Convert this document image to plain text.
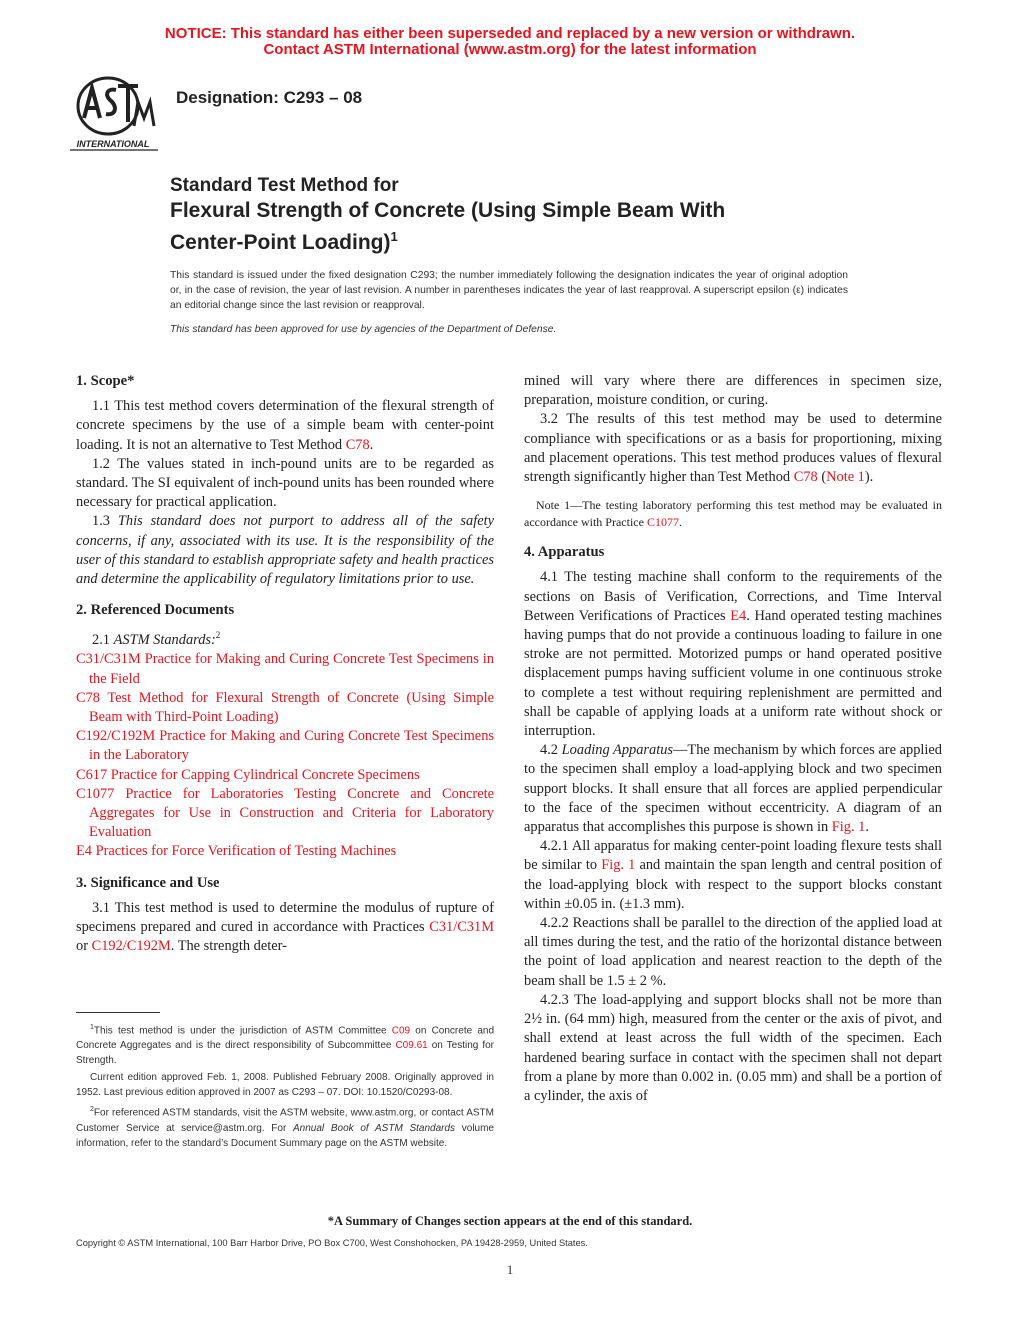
NOTICE: This standard has either been superseded and replaced by a new version or withdrawn.
Contact ASTM International (www.astm.org) for the latest information
INTERNATIONAL
Designation: C293 – 08
Standard Test Method for
Flexural Strength of Concrete (Using Simple Beam With
Center-Point Loading)$^1$
This standard is issued under the fixed designation C293; the number immediately following the designation indicates the year of original adoption or, in the case of revision, the year of last revision. A number in parentheses indicates the year of last reapproval. A superscript epsilon (ε) indicates an editorial change since the last revision or reapproval.
This standard has been approved for use by agencies of the Department of Defense.

1. Scope*

1.1 This test method covers determination of the flexural strength of concrete specimens by the use of a simple beam with center-point loading. It is not an alternative to Test Method C78.

1.2 The values stated in inch-pound units are to be regarded as standard. The SI equivalent of inch-pound units has been rounded where necessary for practical application.

1.3 This standard does not purport to address all of the safety concerns, if any, associated with its use. It is the responsibility of the user of this standard to establish appropriate safety and health practices and determine the applicability of regulatory limitations prior to use.

2. Referenced Documents

2.1 ASTM Standards:$^2$

C31/C31M Practice for Making and Curing Concrete Test Specimens in the Field

C78 Test Method for Flexural Strength of Concrete (Using Simple Beam with Third-Point Loading)

C192/C192M Practice for Making and Curing Concrete Test Specimens in the Laboratory

C617 Practice for Capping Cylindrical Concrete Specimens

C1077 Practice for Laboratories Testing Concrete and Concrete Aggregates for Use in Construction and Criteria for Laboratory Evaluation

E4 Practices for Force Verification of Testing Machines

3. Significance and Use

3.1 This test method is used to determine the modulus of rupture of specimens prepared and cured in accordance with Practices C31/C31M or C192/C192M. The strength deter-

$^1$This test method is under the jurisdiction of ASTM Committee C09 on Concrete and Concrete Aggregates and is the direct responsibility of Subcommittee C09.61 on Testing for Strength.

Current edition approved Feb. 1, 2008. Published February 2008. Originally approved in 1952. Last previous edition approved in 2007 as C293 – 07. DOI: 10.1520/C0293-08.

$^2$For referenced ASTM standards, visit the ASTM website, www.astm.org, or contact ASTM Customer Service at service@astm.org. For Annual Book of ASTM Standards volume information, refer to the standard’s Document Summary page on the ASTM website.

mined will vary where there are differences in specimen size, preparation, moisture condition, or curing.

3.2 The results of this test method may be used to determine compliance with specifications or as a basis for proportioning, mixing and placement operations. This test method produces values of flexural strength significantly higher than Test Method C78 (Note 1).

Note 1—The testing laboratory performing this test method may be evaluated in accordance with Practice C1077.

4. Apparatus

4.1 The testing machine shall conform to the requirements of the sections on Basis of Verification, Corrections, and Time Interval Between Verifications of Practices E4. Hand operated testing machines having pumps that do not provide a continuous loading to failure in one stroke are not permitted. Motorized pumps or hand operated positive displacement pumps having sufficient volume in one continuous stroke to complete a test without requiring replenishment are permitted and shall be capable of applying loads at a uniform rate without shock or interruption.

4.2 Loading Apparatus—The mechanism by which forces are applied to the specimen shall employ a load-applying block and two specimen support blocks. It shall ensure that all forces are applied perpendicular to the face of the specimen without eccentricity. A diagram of an apparatus that accomplishes this purpose is shown in Fig. 1.

4.2.1 All apparatus for making center-point loading flexure tests shall be similar to Fig. 1 and maintain the span length and central position of the load-applying block with respect to the support blocks constant within ±0.05 in. (±1.3 mm).

4.2.2 Reactions shall be parallel to the direction of the applied load at all times during the test, and the ratio of the horizontal distance between the point of load application and nearest reaction to the depth of the beam shall be 1.5 ± 2 %.

4.2.3 The load-applying and support blocks shall not be more than 2½ in. (64 mm) high, measured from the center or the axis of pivot, and shall extend at least across the full width of the specimen. Each hardened bearing surface in contact with the specimen shall not depart from a plane by more than 0.002 in. (0.05 mm) and shall be a portion of a cylinder, the axis of

*A Summary of Changes section appears at the end of this standard.
Copyright © ASTM International, 100 Barr Harbor Drive, PO Box C700, West Conshohocken, PA 19428-2959, United States.
1
